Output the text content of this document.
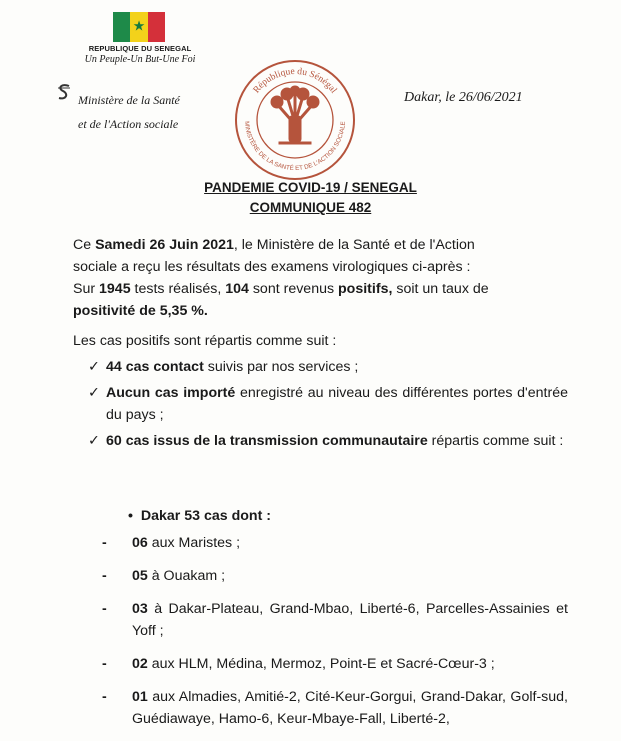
★
REPUBLIQUE DU SENEGAL
Un Peuple-Un But-Une Foi
Ministère de la Santé
et de l'Action sociale
République du Sénégal
MINISTÈRE DE LA SANTÉ ET DE L'ACTION SOCIALE
Dakar, le 26/06/2021
PANDEMIE COVID-19 / SENEGAL
COMMUNIQUE 482
Ce Samedi 26 Juin 2021, le Ministère de la Santé et de l'Action
sociale a reçu les résultats des examens virologiques ci-après :
Sur 1945 tests réalisés, 104 sont revenus positifs, soit un taux de
positivité de 5,35 %.
Les cas positifs sont répartis comme suit :
✓ 44 cas contact suivis par nos services ;
✓ Aucun cas importé enregistré au niveau des différentes portes d'entrée du pays ;
✓ 60 cas issus de la transmission communautaire répartis comme suit :
• Dakar 53 cas dont :
-	06 aux Maristes ;
-	05 à Ouakam ;
-	03 à Dakar-Plateau, Grand-Mbao, Liberté-6, Parcelles-Assainies et Yoff ;
-	02 aux HLM, Médina, Mermoz, Point-E et Sacré-Cœur-3 ;
-	01 aux Almadies, Amitié-2, Cité-Keur-Gorgui, Grand-Dakar, Golf-sud, Guédiawaye, Hamo-6, Keur-Mbaye-Fall, Liberté-2,
